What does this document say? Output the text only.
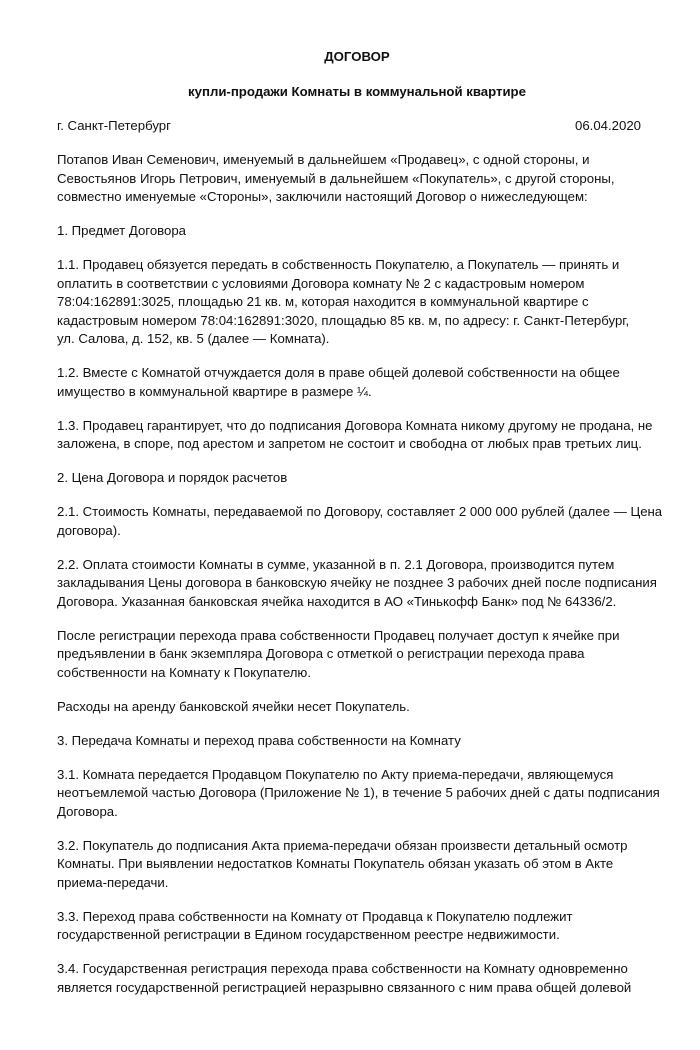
ДОГОВОР
купли-продажи Комнаты в коммунальной квартире
г. Санкт-Петербург	06.04.2020

Потапов Иван Семенович, именуемый в дальнейшем «Продавец», с одной стороны, и
Севостьянов Игорь Петрович, именуемый в дальнейшем «Покупатель», с другой стороны,
совместно именуемые «Стороны», заключили настоящий Договор о нижеследующем:

1. Предмет Договора

1.1. Продавец обязуется передать в собственность Покупателю, а Покупатель — принять и
оплатить в соответствии с условиями Договора комнату № 2 с кадастровым номером
78:04:162891:3025, площадью 21 кв. м, которая находится в коммунальной квартире с
кадастровым номером 78:04:162891:3020, площадью 85 кв. м, по адресу: г. Санкт-Петербург,
ул. Салова, д. 152, кв. 5 (далее — Комната).

1.2. Вместе с Комнатой отчуждается доля в праве общей долевой собственности на общее
имущество в коммунальной квартире в размере ¼.

1.3. Продавец гарантирует, что до подписания Договора Комната никому другому не продана, не
заложена, в споре, под арестом и запретом не состоит и свободна от любых прав третьих лиц.

2. Цена Договора и порядок расчетов

2.1. Стоимость Комнаты, передаваемой по Договору, составляет 2 000 000 рублей (далее — Цена
договора).

2.2. Оплата стоимости Комнаты в сумме, указанной в п. 2.1 Договора, производится путем
закладывания Цены договора в банковскую ячейку не позднее 3 рабочих дней после подписания
Договора. Указанная банковская ячейка находится в АО «Тинькофф Банк» под № 64336/2.

После регистрации перехода права собственности Продавец получает доступ к ячейке при
предъявлении в банк экземпляра Договора с отметкой о регистрации перехода права
собственности на Комнату к Покупателю.

Расходы на аренду банковской ячейки несет Покупатель.

3. Передача Комнаты и переход права собственности на Комнату

3.1. Комната передается Продавцом Покупателю по Акту приема-передачи, являющемуся
неотъемлемой частью Договора (Приложение № 1), в течение 5 рабочих дней с даты подписания
Договора.

3.2. Покупатель до подписания Акта приема-передачи обязан произвести детальный осмотр
Комнаты. При выявлении недостатков Комнаты Покупатель обязан указать об этом в Акте
приема-передачи.

3.3. Переход права собственности на Комнату от Продавца к Покупателю подлежит
государственной регистрации в Едином государственном реестре недвижимости.

3.4. Государственная регистрация перехода права собственности на Комнату одновременно
является государственной регистрацией неразрывно связанного с ним права общей долевой
